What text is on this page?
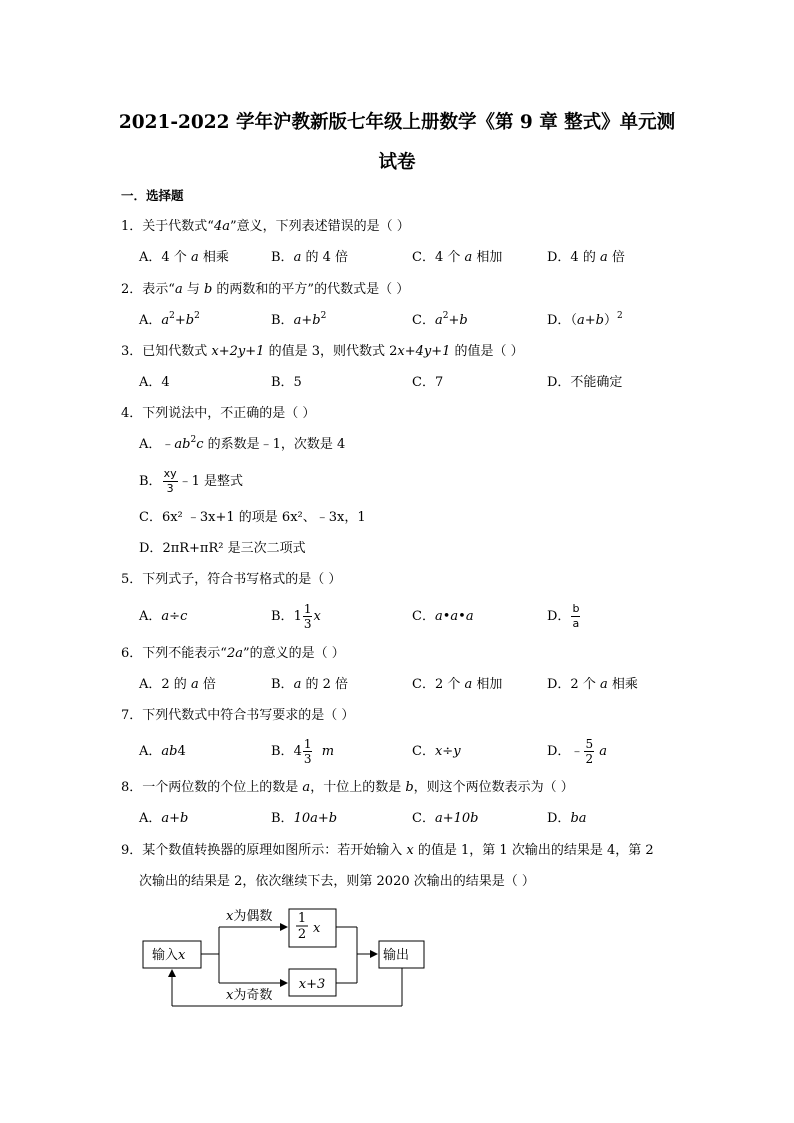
2021-2022 学年沪教新版七年级上册数学《第 9 章 整式》单元测
试卷
一．选择题
1．关于代数式“4a”意义，下列表述错误的是（ ）
A．4 个 a 相乘	B．a 的 4 倍	C．4 个 a 相加	D．4 的 a 倍
2．表示“a 与 b 的两数和的平方”的代数式是（ ）
A．$a^2+b^2$	B．$a+b^2$	C．$a^2+b$	D．$(a+b)^2$
3．已知代数式 x+2y+1 的值是 3，则代数式 2x+4y+1 的值是（ ）
A．4	B．5	C．7	D．不能确定
4．下列说法中，不正确的是（ ）
A．$﹣ab^2c$ 的系数是﹣1，次数是 4
B． $\frac{xy}{3}$ ﹣1 是整式
C．6x² ﹣3x+1 的项是 6x²、﹣3x，1
D．2πR+πR² 是三次二项式
5．下列式子，符合书写格式的是（ ）
A．a÷c	B．$1 \frac{1}{3}$ x	C．a•a•a	D． $\frac{b}{a}$
6．下列不能表示“2a”的意义的是（ ）
A．2 的 a 倍	B．a 的 2 倍	C．2 个 a 相加	D．2 个 a 相乘
7．下列代数式中符合书写要求的是（ ）
A．ab4	B．$4 \frac{1}{3}$ m	C．x÷y	D．﹣ $\frac{5}{2}$ a
8．一个两位数的个位上的数是 a，十位上的数是 b，则这个两位数表示为（ ）
A．a+b	B．10a+b	C．a+10b	D．ba
9．某个数值转换器的原理如图所示：若开始输入 x 的值是 1，第 1 次输出的结果是 4，第 2
次输出的结果是 2，依次继续下去，则第 2020 次输出的结果是（ ）
输入x	输出
x为偶数
x为奇数
1
2 x
x+3
